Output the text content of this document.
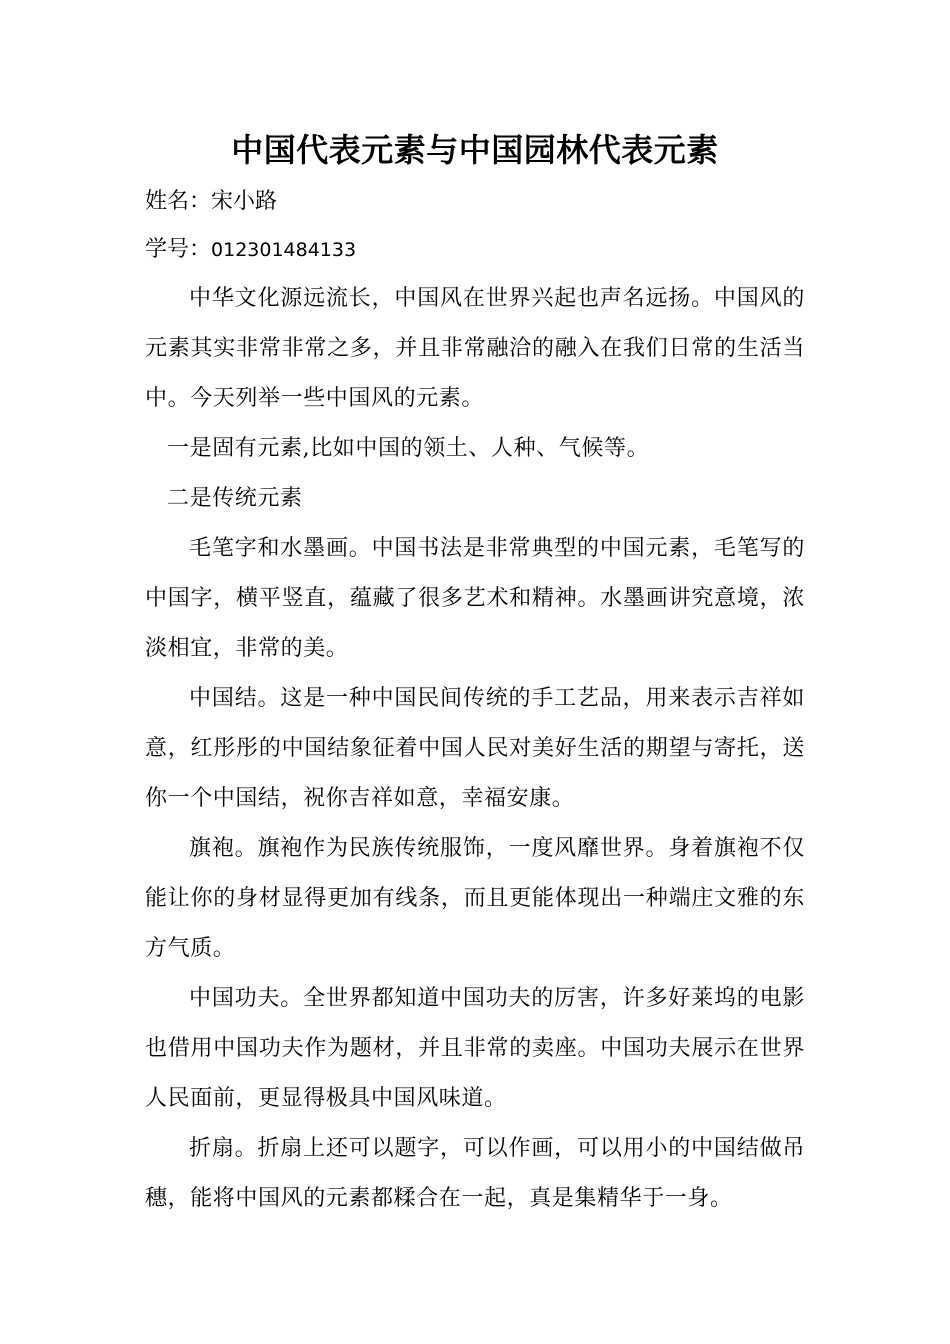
中国代表元素与中国园林代表元素

姓名：宋小路

学号：012301484133

中华文化源远流长，中国风在世界兴起也声名远扬。中国风的元素其实非常非常之多，并且非常融洽的融入在我们日常的生活当中。今天列举一些中国风的元素。

一是固有元素,比如中国的领土、人种、气候等。

二是传统元素

毛笔字和水墨画。中国书法是非常典型的中国元素，毛笔写的中国字，横平竖直，蕴藏了很多艺术和精神。水墨画讲究意境，浓淡相宜，非常的美。

中国结。这是一种中国民间传统的手工艺品，用来表示吉祥如意，红彤彤的中国结象征着中国人民对美好生活的期望与寄托，送你一个中国结，祝你吉祥如意，幸福安康。

旗袍。旗袍作为民族传统服饰，一度风靡世界。身着旗袍不仅能让你的身材显得更加有线条，而且更能体现出一种端庄文雅的东方气质。

中国功夫。全世界都知道中国功夫的厉害，许多好莱坞的电影也借用中国功夫作为题材，并且非常的卖座。中国功夫展示在世界人民面前，更显得极具中国风味道。

折扇。折扇上还可以题字，可以作画，可以用小的中国结做吊穗，能将中国风的元素都糅合在一起，真是集精华于一身。
